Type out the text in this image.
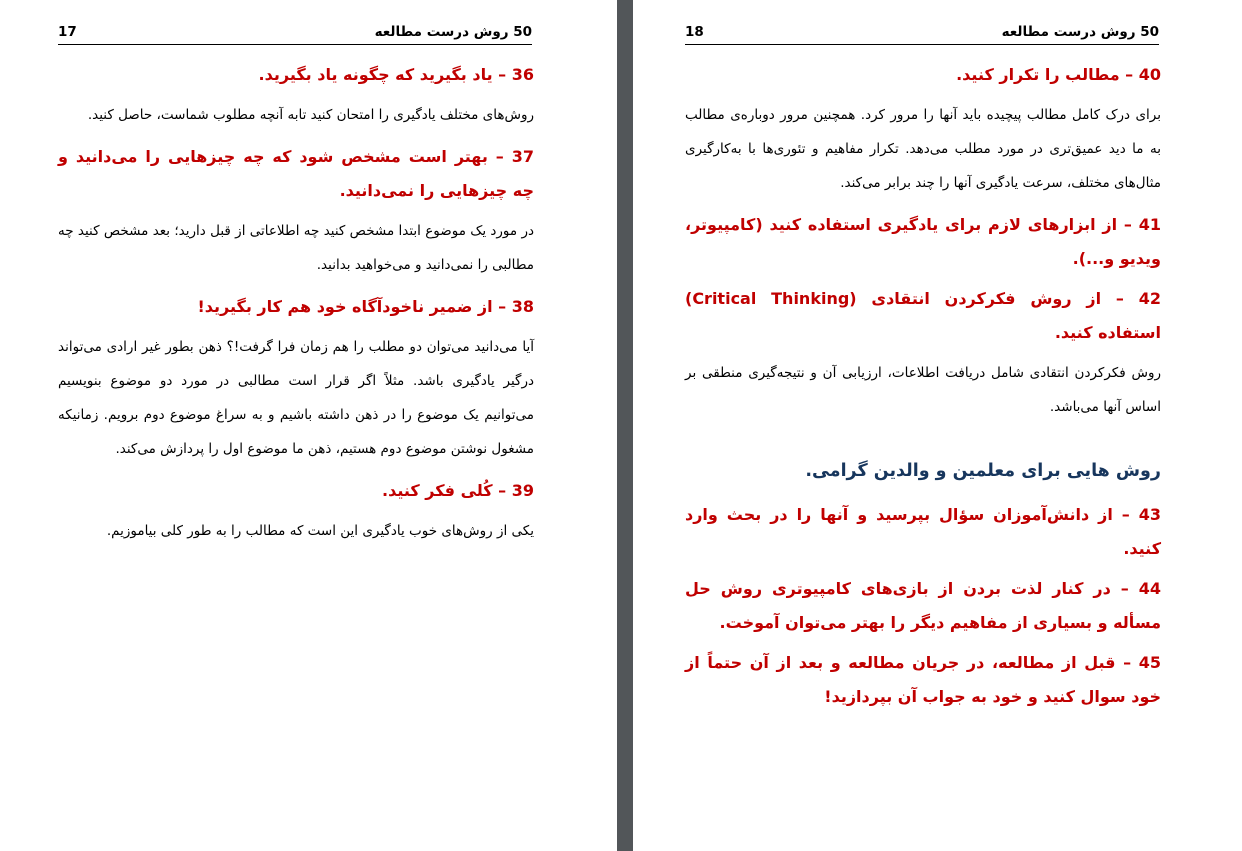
17	50 روش درست مطالعه
36 – یاد بگیرید که چگونه یاد بگیرید.
روش‌های مختلف یادگیری را امتحان کنید تابه آنچه مطلوب شماست، حاصل کنید.
37 – بهتر است مشخص شود که چه چیزهایی را می‌دانید و چه چیزهایی را نمی‌دانید.
در مورد یک موضوع ابتدا مشخص کنید چه اطلاعاتی از قبل دارید؛ بعد مشخص کنید چه مطالبی را نمی‌دانید و می‌خواهید بدانید.
38 – از ضمیر ناخودآگاه خود هم کار بگیرید!
آیا می‌دانید می‌توان دو مطلب را هم زمان فرا گرفت!؟ ذهن بطور غیر ارادی می‌تواند درگیر یادگیری باشد. مثلاً اگر قرار است مطالبی در مورد دو موضوع بنویسیم می‌توانیم یک موضوع را در ذهن داشته باشیم و به سراغ موضوع دوم برویم. زمانیکه مشغول نوشتن موضوع دوم هستیم، ذهن ما موضوع اول را پردازش می‌کند.
39 – کُلی فکر کنید.
یکی از روش‌های خوب یادگیری این است که مطالب را به طور کلی بیاموزیم.
18	50 روش درست مطالعه
40 – مطالب را تکرار کنید.
برای درک کامل مطالب پیچیده باید آنها را مرور کرد. همچنین مرور دوباره‌ی مطالب به ما دید عمیق‌تری در مورد مطلب می‌دهد. تکرار مفاهیم و تئوری‌ها با به‌کارگیری مثال‌های مختلف، سرعت یادگیری آنها را چند برابر می‌کند.
41 – از ابزارهای لازم برای یادگیری استفاده کنید (کامپیوتر، ویدیو و...).
42 – از روش فکرکردن انتقادی (Critical Thinking) استفاده کنید.
روش فکرکردن انتقادی شامل دریافت اطلاعات، ارزیابی آن و نتیجه‌گیری منطقی بر اساس آنها می‌باشد.
روش هایی برای معلمین و والدین گرامی.
43 – از دانش‌آموزان سؤال بپرسید و آنها را در بحث وارد کنید.
44 – در کنار لذت بردن از بازی‌های کامپیوتری روش حل مسأله و بسیاری از مفاهیم دیگر را بهتر می‌توان آموخت.
45 – قبل از مطالعه، در جریان مطالعه و بعد از آن حتماً از خود سوال کنید و خود به جواب آن بپردازید!
